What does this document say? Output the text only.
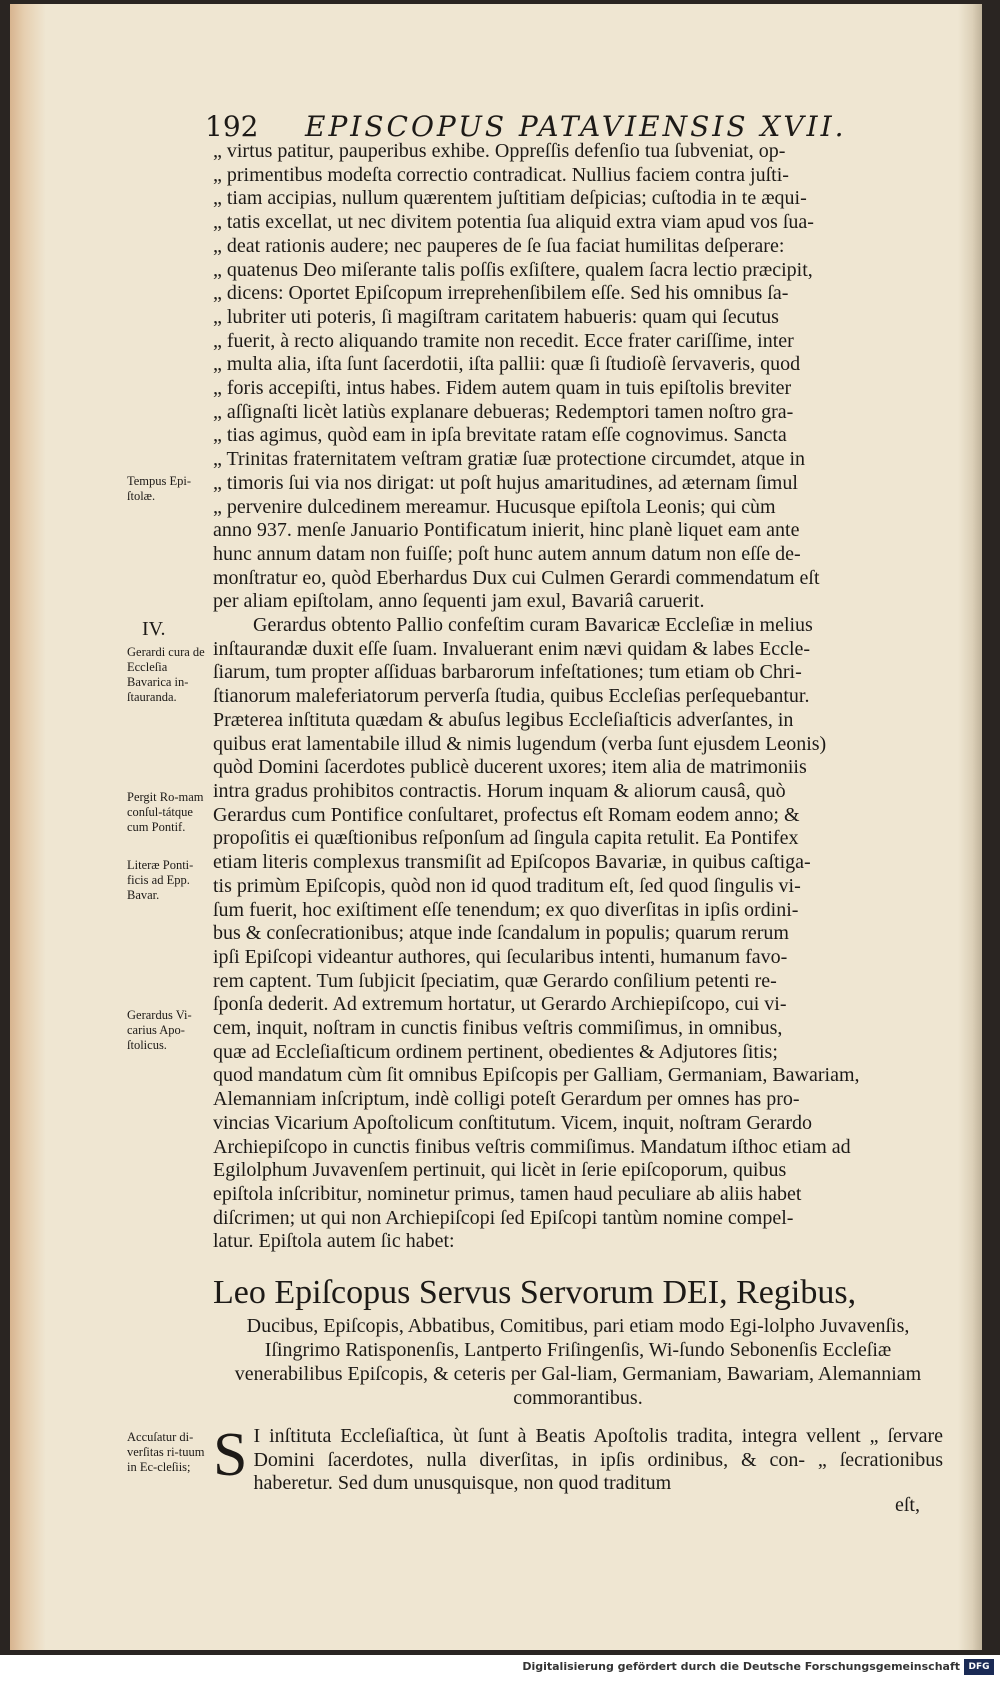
192 EPISCOPUS PATAVIENSIS XVII.

„ virtus patitur, pauperibus exhibe. Oppreſſis defenſio tua ſubveniat, op-

„ primentibus modeſta correctio contradicat. Nullius faciem contra juſti-

„ tiam accipias, nullum quærentem juſtitiam deſpicias; cuſtodia in te æqui-

„ tatis excellat, ut nec divitem potentia ſua aliquid extra viam apud vos ſua-

„ deat rationis audere; nec pauperes de ſe ſua faciat humilitas deſperare:

„ quatenus Deo miſerante talis poſſis exſiſtere, qualem ſacra lectio præcipit,

„ dicens: Oportet Epiſcopum irreprehenſibilem eſſe. Sed his omnibus ſa-

„ lubriter uti poteris, ſi magiſtram caritatem habueris: quam qui ſecutus

„ fuerit, à recto aliquando tramite non recedit. Ecce frater cariſſime, inter

„ multa alia, iſta ſunt ſacerdotii, iſta pallii: quæ ſi ſtudioſè ſervaveris, quod

„ foris accepiſti, intus habes. Fidem autem quam in tuis epiſtolis breviter

„ aſſignaſti licèt latiùs explanare debueras; Redemptori tamen noſtro gra-

„ tias agimus, quòd eam in ipſa brevitate ratam eſſe cognovimus. Sancta

„ Trinitas fraternitatem veſtram gratiæ ſuæ protectione circumdet, atque in

„ timoris ſui via nos dirigat: ut poſt hujus amaritudines, ad æternam ſimul

„ pervenire dulcedinem mereamur. Hucusque epiſtola Leonis; qui cùm

anno 937. menſe Januario Pontificatum inierit, hinc planè liquet eam ante

hunc annum datam non fuiſſe; poſt hunc autem annum datum non eſſe de-

monſtratur eo, quòd Eberhardus Dux cui Culmen Gerardi commendatum eſt

per aliam epiſtolam, anno ſequenti jam exul, Bavariâ caruerit.

Gerardus obtento Pallio confeſtim curam Bavaricæ Eccleſiæ in melius

inſtaurandæ duxit eſſe ſuam. Invaluerant enim nævi quidam & labes Eccle-

ſiarum, tum propter aſſiduas barbarorum infeſtationes; tum etiam ob Chri-

ſtianorum maleferiatorum perverſa ſtudia, quibus Eccleſias perſequebantur.

Præterea inſtituta quædam & abuſus legibus Eccleſiaſticis adverſantes, in

quibus erat lamentabile illud & nimis lugendum (verba ſunt ejusdem Leonis)

quòd Domini ſacerdotes publicè ducerent uxores; item alia de matrimoniis

intra gradus prohibitos contractis. Horum inquam & aliorum causâ, quò

Gerardus cum Pontifice conſultaret, profectus eſt Romam eodem anno; &

propoſitis ei quæſtionibus reſponſum ad ſingula capita retulit. Ea Pontifex

etiam literis complexus transmiſit ad Epiſcopos Bavariæ, in quibus caſtiga-

tis primùm Epiſcopis, quòd non id quod traditum eſt, ſed quod ſingulis vi-

ſum fuerit, hoc exiſtiment eſſe tenendum; ex quo diverſitas in ipſis ordini-

bus & conſecrationibus; atque inde ſcandalum in populis; quarum rerum

ipſi Epiſcopi videantur authores, qui ſecularibus intenti, humanum favo-

rem captent. Tum ſubjicit ſpeciatim, quæ Gerardo conſilium petenti re-

ſponſa dederit. Ad extremum hortatur, ut Gerardo Archiepiſcopo, cui vi-

cem, inquit, noſtram in cunctis finibus veſtris commiſimus, in omnibus,

quæ ad Eccleſiaſticum ordinem pertinent, obedientes & Adjutores ſitis;

quod mandatum cùm ſit omnibus Epiſcopis per Galliam, Germaniam, Bawariam,

Alemanniam inſcriptum, indè colligi poteſt Gerardum per omnes has pro-

vincias Vicarium Apoſtolicum conſtitutum. Vicem, inquit, noſtram Gerardo

Archiepiſcopo in cunctis finibus veſtris commiſimus. Mandatum iſthoc etiam ad

Egilolphum Juvavenſem pertinuit, qui licèt in ſerie epiſcoporum, quibus

epiſtola inſcribitur, nominetur primus, tamen haud peculiare ab aliis habet

diſcrimen; ut qui non Archiepiſcopi ſed Epiſcopi tantùm nomine compel-

latur. Epiſtola autem ſic habet:

IV.
Tempus Epi-ſtolæ.
Gerardi cura de Eccleſia Bavarica in-ſtauranda.
Pergit Ro-mam conſul-tátque cum Pontif.
Literæ Ponti-ficis ad Epp. Bavar.
Gerardus Vi-carius Apo-ſtolicus.
Accuſatur di-verſitas ri-tuum in Ec-cleſiis;
Leo Epiſcopus Servus Servorum DEI, Regibus,
Ducibus, Epiſcopis, Abbatibus, Comitibus, pari etiam modo Egi-lolpho Juvavenſis, Iſingrimo Ratisponenſis, Lantperto Friſingenſis, Wi-ſundo Sebonenſis Eccleſiæ venerabilibus Epiſcopis, & ceteris per Gal-liam, Germaniam, Bawariam, Alemanniam commorantibus.
S I inſtituta Eccleſiaſtica, ùt ſunt à Beatis Apoſtolis tradita, integra vellent „ ſervare Domini ſacerdotes, nulla diverſitas, in ipſis ordinibus, & con- „ ſecrationibus haberetur. Sed dum unusquisque, non quod traditum
eſt,
Digitalisierung gefördert durch die Deutsche Forschungsgemeinschaft DFG
